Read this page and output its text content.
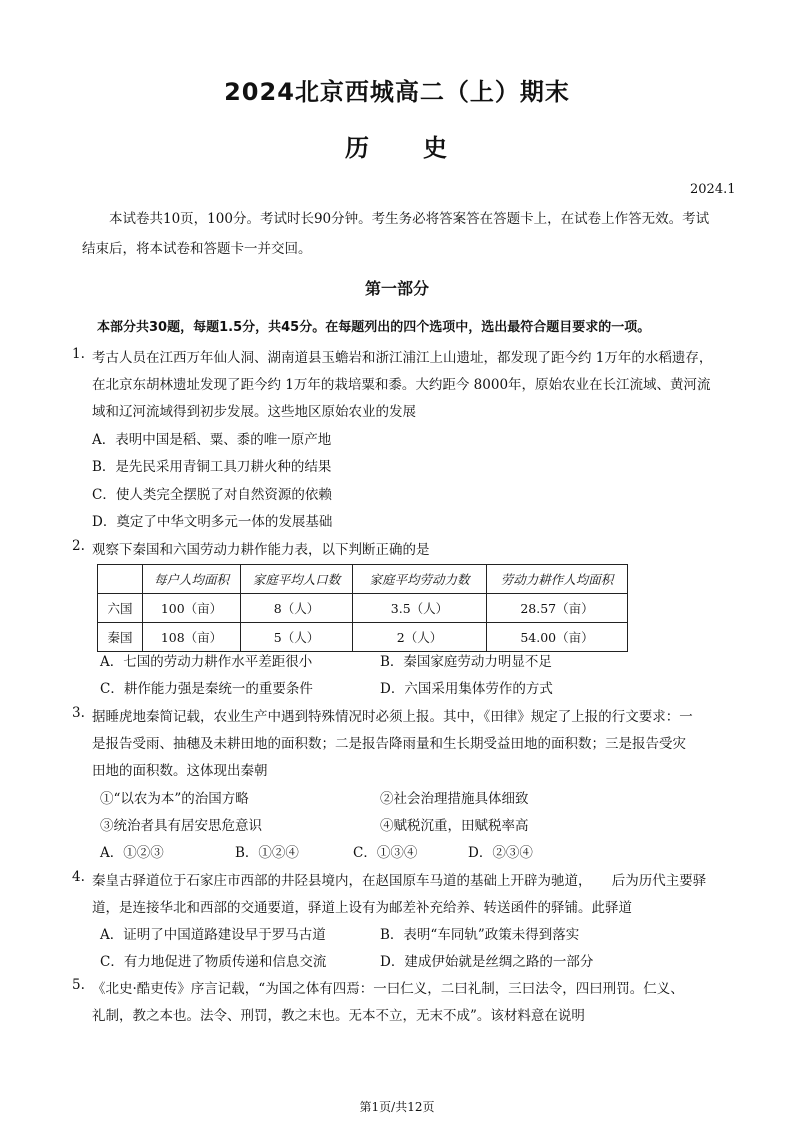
2024北京西城高二（上）期末
历　　史
2024.1
本试卷共10页，100分。考试时长90分钟。考生务必将答案答在答题卡上，在试卷上作答无效。考试结束后，将本试卷和答题卡一并交回。
第一部分
本部分共30题，每题1.5分，共45分。在每题列出的四个选项中，选出最符合题目要求的一项。
1. 考古人员在江西万年仙人洞、湖南道县玉蟾岩和浙江浦江上山遗址，都发现了距今约 1万年的水稻遗存，
在北京东胡林遗址发现了距今约 1万年的栽培粟和黍。大约距今 8000年，原始农业在长江流域、黄河流
域和辽河流域得到初步发展。这些地区原始农业的发展
A．表明中国是稻、粟、黍的唯一原产地
B．是先民采用青铜工具刀耕火种的结果
C．使人类完全摆脱了对自然资源的依赖
D．奠定了中华文明多元一体的发展基础
2. 观察下秦国和六国劳动力耕作能力表，以下判断正确的是
	每户人均面积	家庭平均人口数	家庭平均劳动力数	劳动力耕作人均面积
六国	100（亩）	8（人）	3.5（人）	28.57（亩）
秦国	108（亩）	5（人）	2（人）	54.00（亩）
A．七国的劳动力耕作水平差距很小	B．秦国家庭劳动力明显不足
C．耕作能力强是秦统一的重要条件	D．六国采用集体劳作的方式
3. 据睡虎地秦简记载，农业生产中遇到特殊情况时必须上报。其中，《田律》规定了上报的行文要求：一
是报告受雨、抽穗及未耕田地的面积数；二是报告降雨量和生长期受益田地的面积数；三是报告受灾
田地的面积数。这体现出秦朝
①“以农为本”的治国方略	②社会治理措施具体细致
③统治者具有居安思危意识	④赋税沉重，田赋税率高
A．①②③	B．①②④	C．①③④	D．②③④
4. 秦皇古驿道位于石家庄市西部的井陉县境内，在赵国原车马道的基础上开辟为驰道，　　后为历代主要驿
道，是连接华北和西部的交通要道，驿道上设有为邮差补充给养、转送函件的驿铺。此驿道
A．证明了中国道路建设早于罗马古道	B．表明“车同轨”政策未得到落实
C．有力地促进了物质传递和信息交流	D．建成伊始就是丝绸之路的一部分
5. 《北史·酷吏传》序言记载，“为国之体有四焉：一曰仁义，二曰礼制，三曰法令，四曰刑罚。仁义、
礼制，教之本也。法令、刑罚，教之末也。无本不立，无末不成”。该材料意在说明
第1页/共12页
